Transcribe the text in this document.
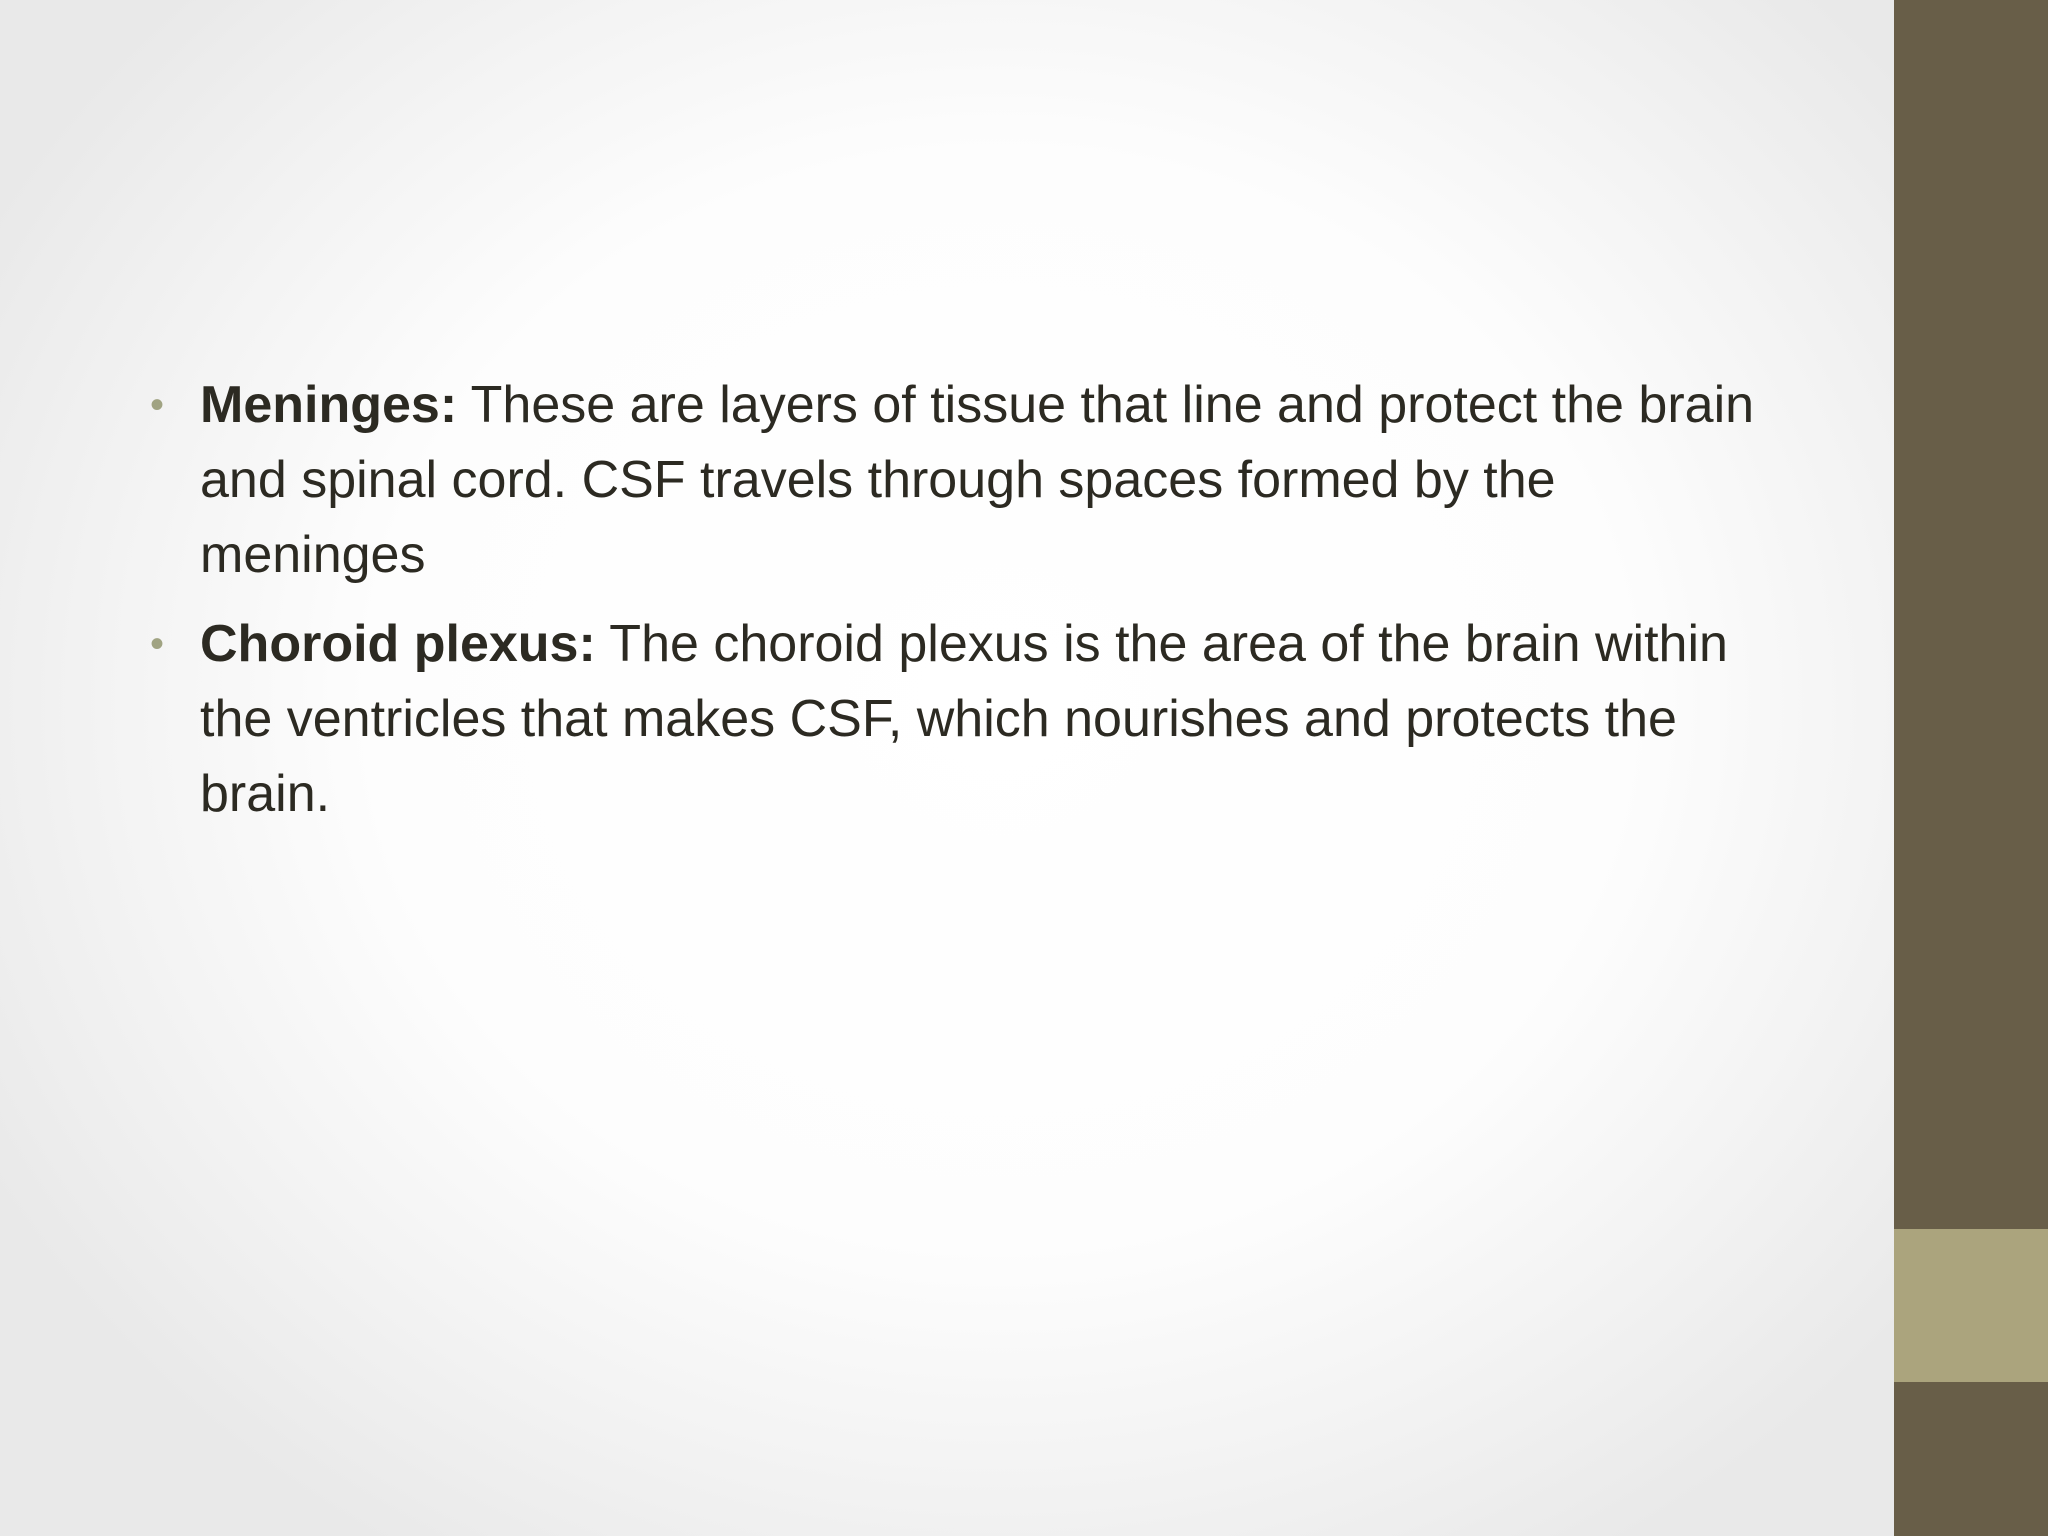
• Meninges: These are layers of tissue that line and protect the brain and spinal cord. CSF travels through spaces formed by the meninges
• Choroid plexus: The choroid plexus is the area of the brain within the ventricles that makes CSF, which nourishes and protects the brain.
